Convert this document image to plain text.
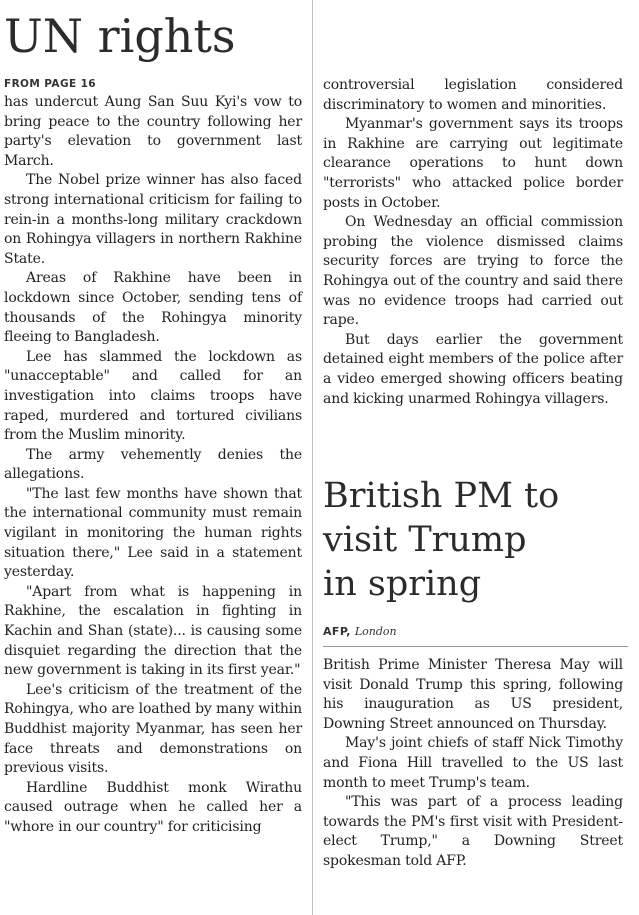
UN rights
FROM PAGE 16

has undercut Aung San Suu Kyi's vow to bring peace to the country following her party's elevation to government last March.

The Nobel prize winner has also faced strong international criticism for failing to rein-in a months-long military crackdown on Rohingya villagers in northern Rakhine State.

Areas of Rakhine have been in lockdown since October, sending tens of thousands of the Rohingya minority fleeing to Bangladesh.

Lee has slammed the lockdown as "unacceptable" and called for an investigation into claims troops have raped, murdered and tortured civilians from the Muslim minority.

The army vehemently denies the allegations.

"The last few months have shown that the international community must remain vigilant in monitoring the human rights situation there," Lee said in a statement yesterday.

"Apart from what is happening in Rakhine, the escalation in fighting in Kachin and Shan (state)... is causing some disquiet regarding the direction that the new government is taking in its first year."

Lee's criticism of the treatment of the Rohingya, who are loathed by many within Buddhist majority Myanmar, has seen her face threats and demonstrations on previous visits.

Hardline Buddhist monk Wirathu caused outrage when he called her a "whore in our country" for criticising

controversial legislation considered discriminatory to women and minorities.

Myanmar's government says its troops in Rakhine are carrying out legitimate clearance operations to hunt down "terrorists" who attacked police border posts in October.

On Wednesday an official commission probing the violence dismissed claims security forces are trying to force the Rohingya out of the country and said there was no evidence troops had carried out rape.

But days earlier the government detained eight members of the police after a video emerged showing officers beating and kicking unarmed Rohingya villagers.

British PM to
visit Trump
in spring
AFP, London

British Prime Minister Theresa May will visit Donald Trump this spring, following his inauguration as US president, Downing Street announced on Thursday.

May's joint chiefs of staff Nick Timothy and Fiona Hill travelled to the US last month to meet Trump's team.

"This was part of a process leading towards the PM's first visit with President-elect Trump," a Downing Street spokesman told AFP.
